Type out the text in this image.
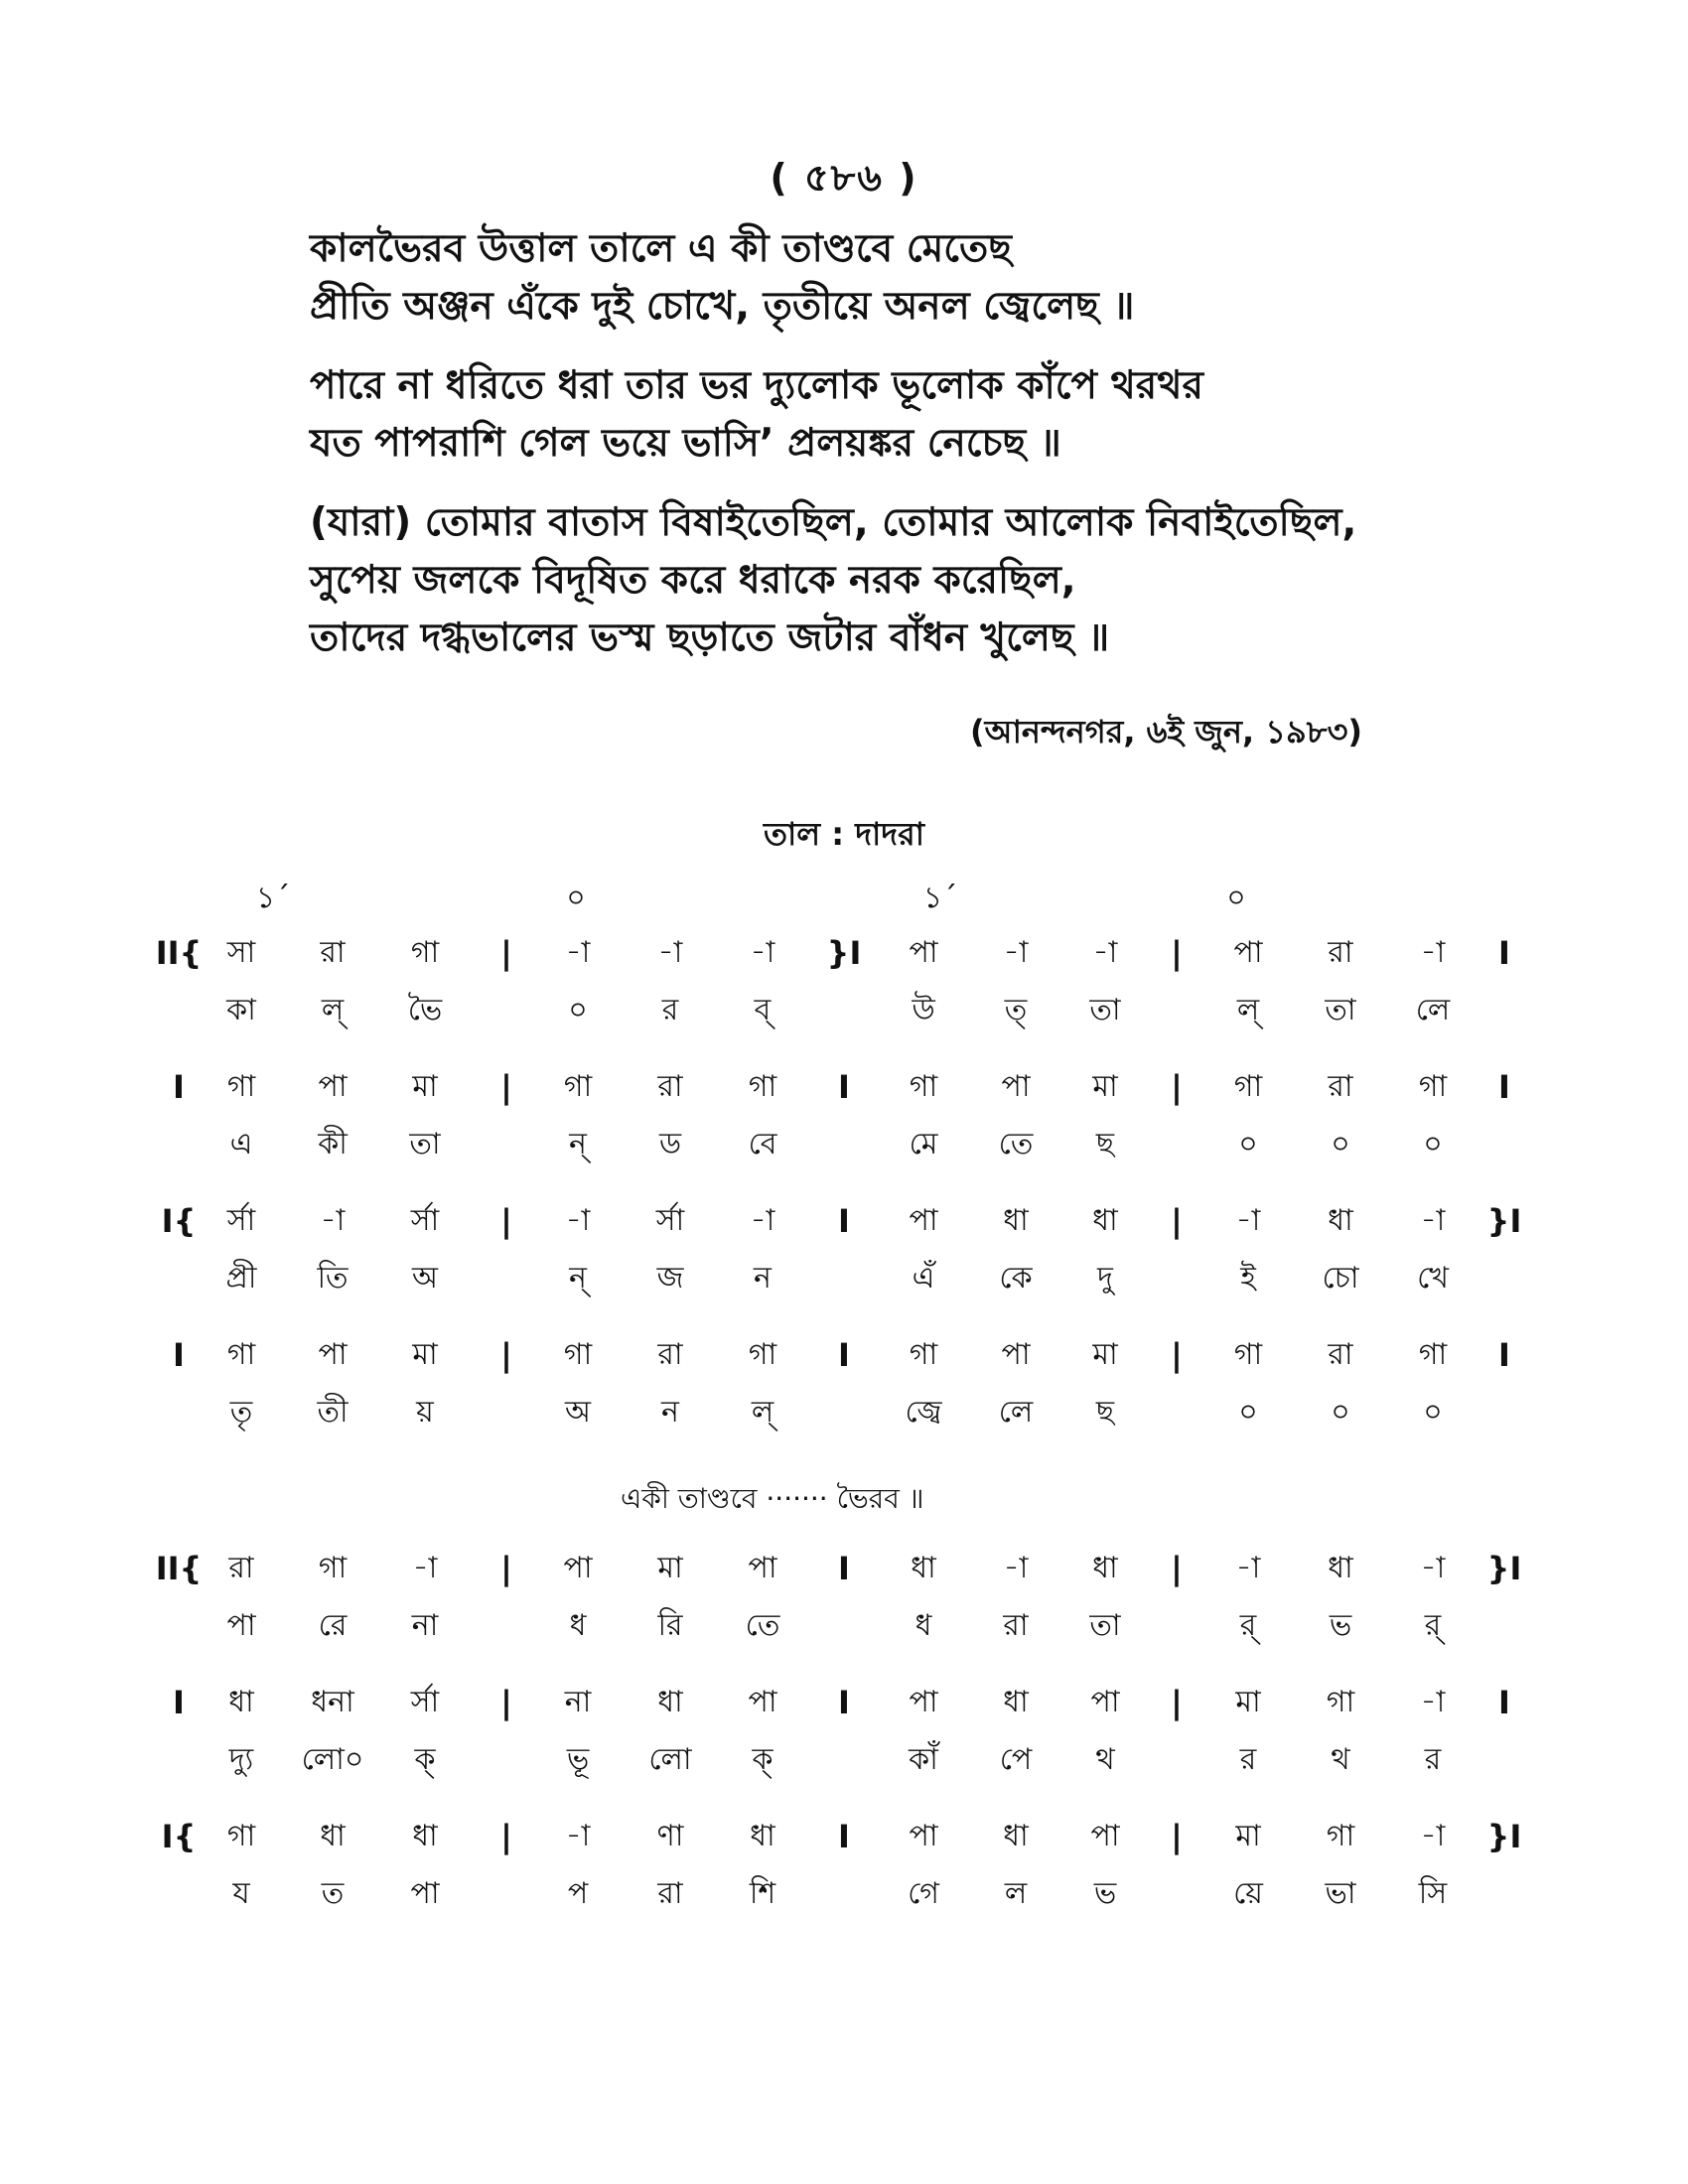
( ৫৮৬ )
কালভৈরব উত্তাল তালে এ কী তাণ্ডবে মেতেছ
প্রীতি অঞ্জন এঁকে দুই চোখে, তৃতীয়ে অনল জ্বেলেছ ॥
পারে না ধরিতে ধরা তার ভর দ্যুলোক ভূলোক কাঁপে থরথর
যত পাপরাশি গেল ভয়ে ভাসি’ প্রলয়ঙ্কর নেচেছ ॥
(যারা) তোমার বাতাস বিষাইতেছিল, তোমার আলোক নিবাইতেছিল,
সুপেয় জলকে বিদূষিত করে ধরাকে নরক করেছিল,
তাদের দগ্ধভালের ভস্ম ছড়াতে জটার বাঁধন খুলেছ ॥
(আনন্দনগর, ৬ই জুন, ১৯৮৩)
তাল : দাদরা
১´	০	১´	০
II{	|	}I	|	I
সা রা গা	-া -া -া	পা -া -া	পা রা -া
কা ল্ ভৈ	০ র	ব্	উ ত্ তা	ল্ তা লে
I	|	I	|	I
গা পা মা	গা রা গা	গা পা মা	গা রা গা
এ কী তা	ন্ ড বে	মে তে ছ	০ ০ ০
I{	|	I	|	}I
র্সা -া র্সা	-া র্সা -া	পা ধা ধা	-া ধা -া
প্রী তি অ	ন্ জ ন	এঁ কে দু	ই চো খে
I	|	I	|	I
গা পা মা	গা রা গা	গা পা মা	গা রা গা
তৃ তী য়	অ ন ল্	জ্বে লে ছ	০ ০ ০
II{	|	I	|	}I
রা গা -া	পা মা পা	ধা -া ধা	-া ধা -া
পা রে না	ধ রি তে	ধ রা তা	র্ ভ র্
I	|	I	|	I
ধা ধনা র্সা	না ধা পা	পা ধা পা	মা গা -া
দ্যু লো০ ক্	ভূ লো ক্	কাঁ পে থ	র	থ	র
I{	|	I	|	}I
গা ধা ধা	-া ণা ধা	পা ধা পা	মা গা -া
য ত পা	প রা শি	গে ল ভ	য়ে ভা সি
একী তাণ্ডবে ······· ভৈরব ॥
